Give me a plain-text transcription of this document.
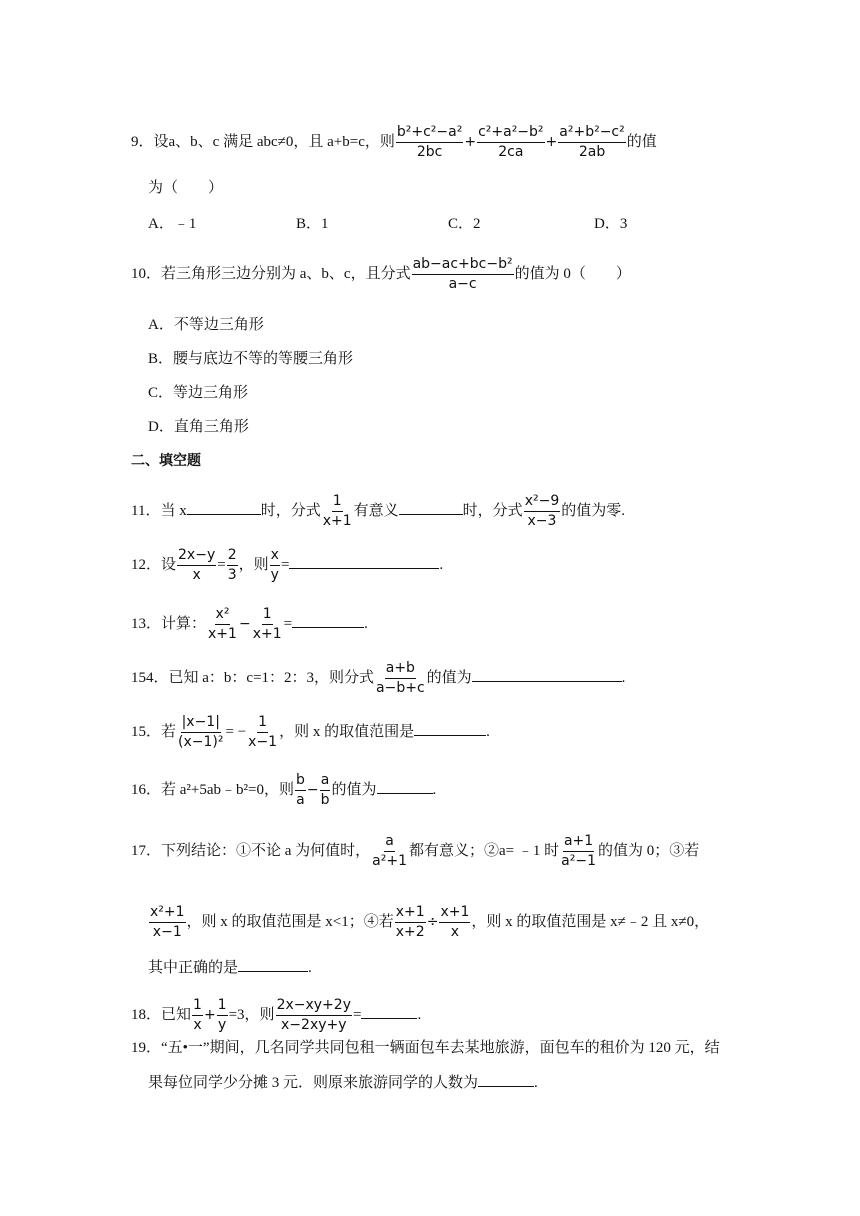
9．设a、b、c 满足 abc≠0，且 a+b=c，则 $\frac{\text{b²+c²−a²}}{2bc} + \frac{\text{c²+a²−b²}}{2ca} + \frac{\text{a²+b²−c²}}{2ab}$ 的值
为（　　）
A．﹣1	B．1	C．2	D．3
10．若三角形三边分别为 a、b、c，且分式 $\frac{\text{ab−ac+bc−b²}}{a-c}$ 的值为 0（　　）
A．不等边三角形
B．腰与底边不等的等腰三角形
C．等边三角形
D．直角三角形
二、填空题
11．当 x	时，分式 $\frac{1}{x+1}$ 有意义	时，分式 $\frac{\text{x²−9}}{x-3}$ 的值为零.
12．设 $\frac{2x-y}{x} = \frac{2}{3}$ ，则 $\frac{x}{y}$ =	.
13．计算： $\frac{\text{x²}}{x+1} - \frac{1}{x+1}$ =	.
154．已知 a：b：c=1：2：3，则分式 $\frac{a+b}{a-b+c}$ 的值为	.
15．若 $\frac{|x-1|}{\text{(x−1)²}}$ = − $\frac{1}{x-1}$ ，则 x 的取值范围是	.
16．若 a²+5ab﹣b²=0，则 $\frac{b}{a} - \frac{a}{b}$ 的值为	.
17．下列结论：①不论 a 为何值时， $\frac{a}{\text{a²+1}}$ 都有意义；②a= ﹣1 时 $\frac{a+1}{\text{a²−1}}$ 的值为 0；③若
$\frac{\text{x²+1}}{x-1}$ ，则 x 的取值范围是 x<1；④若 $\frac{x+1}{x+2} \div \frac{x+1}{x}$ ，则 x 的取值范围是 x≠﹣2 且 x≠0，
其中正确的是	.
18．已知 $\frac{1}{x} + \frac{1}{y} =3$，则 $\frac{2x-xy+2y}{x-2xy+y}$ =	.
19．“五•一”期间，几名同学共同包租一辆面包车去某地旅游，面包车的租价为 120 元，结
果每位同学少分摊 3 元．则原来旅游同学的人数为	.
